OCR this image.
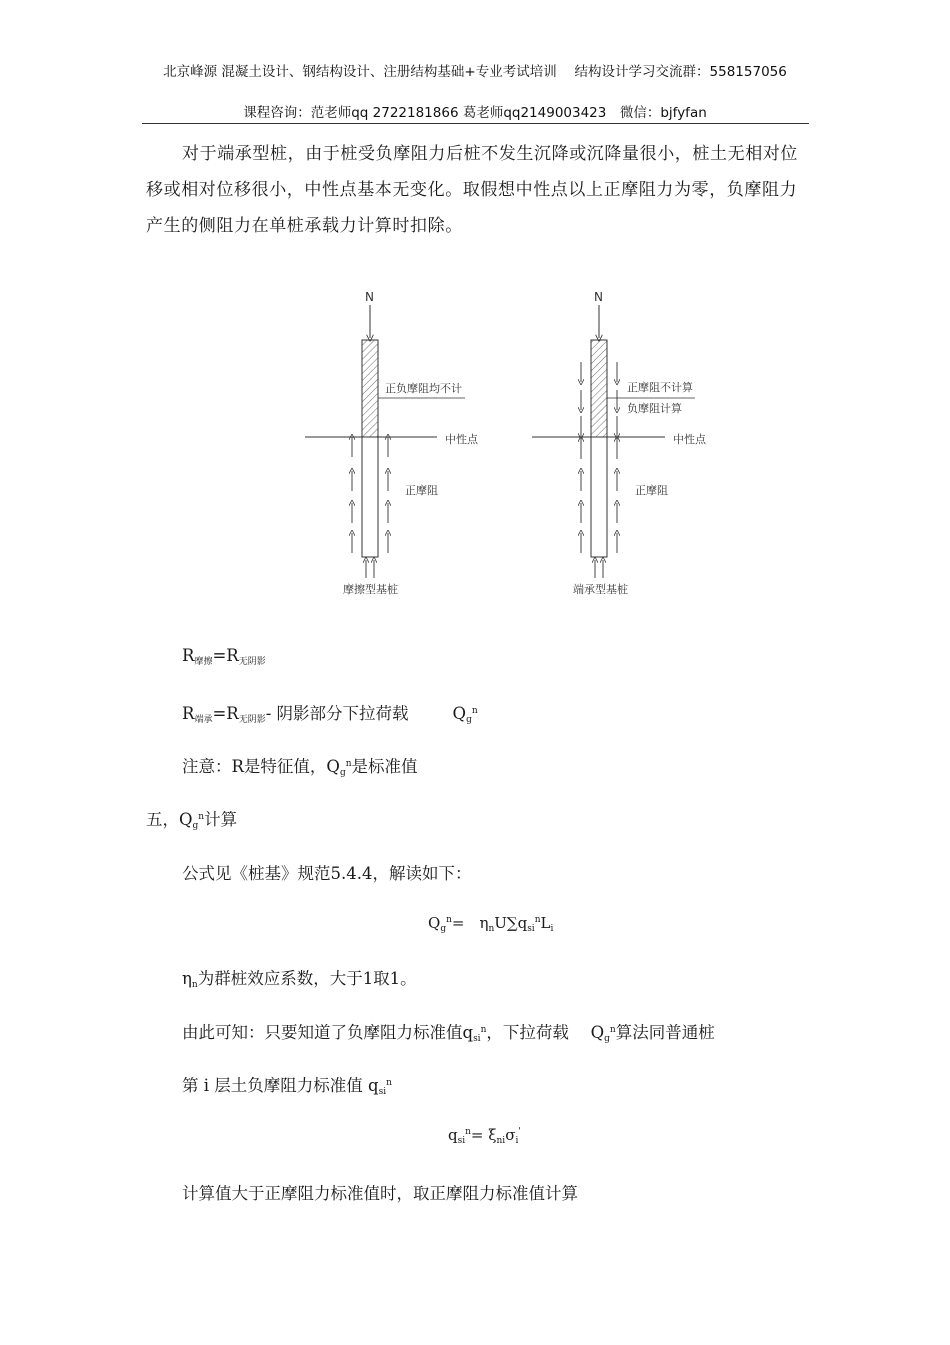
北京峰源 混凝土设计、钢结构设计、注册结构基础+专业考试培训　 结构设计学习交流群：558157056
课程咨询：范老师qq 2722181866 葛老师qq2149003423　微信：bjfyfan
对于端承型桩，由于桩受负摩阻力后桩不发生沉降或沉降量很小，桩土无相对位移或相对位移很小，中性点基本无变化。取假想中性点以上正摩阻力为零，负摩阻力产生的侧阻力在单桩承载力计算时扣除。
N
正负摩阻均不计
中性点
正摩阻
摩擦型基桩
N
正摩阻不计算
负摩阻计算
中性点
正摩阻
端承型基桩
$R_{摩擦}=R_{无阴影}$
$R_{端承}=R_{无阴影}-$ 阴影部分下拉荷载	$Q_g^n$
注意：R是特征值，$Q_g^n$是标准值
五，$Q_g^n$计算
公式见《桩基》规范5.4.4，解读如下：
$Q_g^n=$　$\eta_nU\sum q_{si}^nL_i$
$\eta_n$为群桩效应系数，大于1取1。
由此可知：只要知道了负摩阻力标准值$q_{si}^n$，下拉荷载　 $Q_g^n$算法同普通桩
第 i 层土负摩阻力标准值 $q_{si}^n$
$q_{si}^n= \xi_{ni}\sigma_i'$
计算值大于正摩阻力标准值时，取正摩阻力标准值计算
